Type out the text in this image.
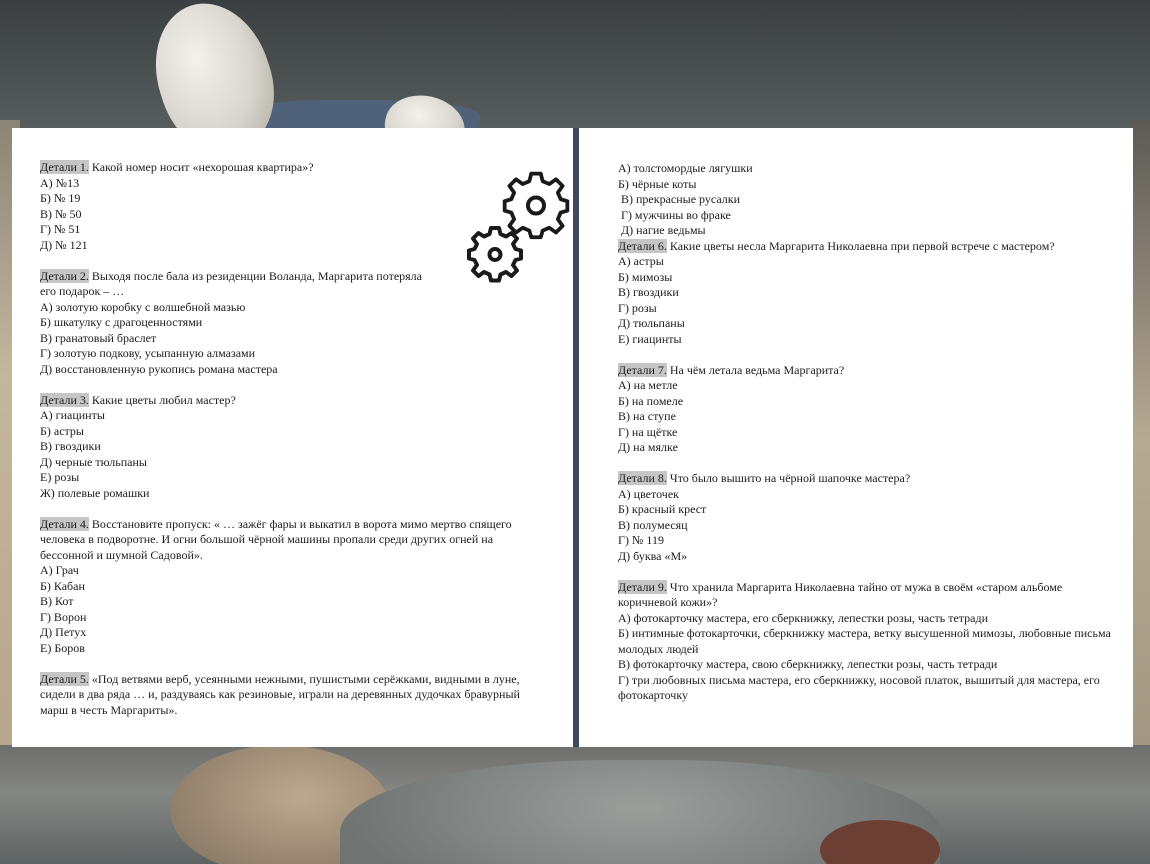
Детали 1. Какой номер носит «нехорошая квартира»?
А) №13
Б) № 19
В) № 50
Г) № 51
Д) № 121
Детали 2. Выходя после бала из резиденции Воланда, Маргарита потеряла его подарок – …
А) золотую коробку с волшебной мазью
Б) шкатулку с драгоценностями
В) гранатовый браслет
Г) золотую подкову, усыпанную алмазами
Д) восстановленную рукопись романа мастера
Детали 3. Какие цветы любил мастер?
А) гиацинты
Б) астры
В) гвоздики
Д) черные тюльпаны
Е) розы
Ж) полевые ромашки
Детали 4. Восстановите пропуск: « … зажёг фары и выкатил в ворота мимо мертво спящего человека в подворотне. И огни большой чёрной машины пропали среди других огней на бессонной и шумной Садовой».
А) Грач
Б) Кабан
В) Кот
Г) Ворон
Д) Петух
Е) Боров
Детали 5. «Под ветвями верб, усеянными нежными, пушистыми серёжками, видными в луне, сидели в два ряда … и, раздуваясь как резиновые, играли на деревянных дудочках бравурный марш в честь Маргариты».
А) толстомордые лягушки
Б) чёрные коты
В) прекрасные русалки
Г) мужчины во фраке
Д) нагие ведьмы
Детали 6. Какие цветы несла Маргарита Николаевна при первой встрече с мастером?
А) астры
Б) мимозы
В) гвоздики
Г) розы
Д) тюльпаны
Е) гиацинты
Детали 7. На чём летала ведьма Маргарита?
А) на метле
Б) на помеле
В) на ступе
Г) на щётке
Д) на мялке
Детали 8. Что было вышито на чёрной шапочке мастера?
А) цветочек
Б) красный крест
В) полумесяц
Г) № 119
Д) буква «М»
Детали 9. Что хранила Маргарита Николаевна тайно от мужа в своём «старом альбоме коричневой кожи»?
А) фотокарточку мастера, его сберкнижку, лепестки розы, часть тетради
Б) интимные фотокарточки, сберкнижку мастера, ветку высушенной мимозы, любовные письма молодых людей
В) фотокарточку мастера, свою сберкнижку, лепестки розы, часть тетради
Г) три любовных письма мастера, его сберкнижку, носовой платок, вышитый для мастера, его фотокарточку
